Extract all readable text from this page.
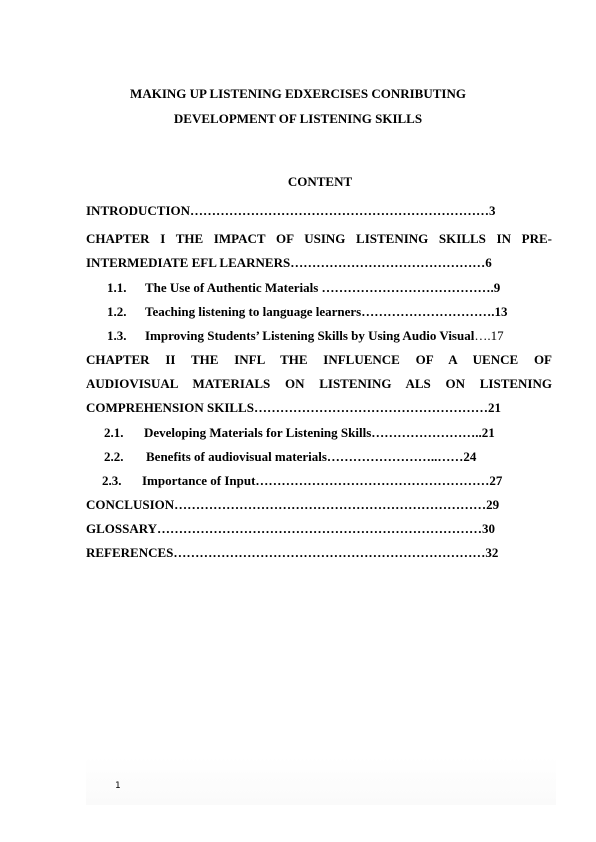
MAKING UP LISTENING EDXERCISES CONRIBUTING
DEVELOPMENT OF LISTENING SKILLS
CONTENT
INTRODUCTION……………………………………………………………3
CHAPTER I THE IMPACT OF USING LISTENING SKILLS IN PRE-
INTERMEDIATE EFL LEARNERS………………………………………6
1.1. The Use of Authentic Materials ………………………………….9
1.2. Teaching listening to language learners………………………….13
1.3. Improving Students’ Listening Skills by Using Audio Visual….17
CHAPTER II THE INFL THE INFLUENCE OF A UENCE OF
AUDIOVISUAL MATERIALS ON LISTENING ALS ON LISTENING
COMPREHENSION SKILLS………………………………………………21
2.1. Developing Materials for Listening Skills……………………..21
2.2. Benefits of audiovisual materials……………………..……24
2.3. Importance of Input………………………………………………27
CONCLUSION………………………………………………………………29
GLOSSARY…………………………………………………………………30
REFERENCES………………………………………………………………32
1
